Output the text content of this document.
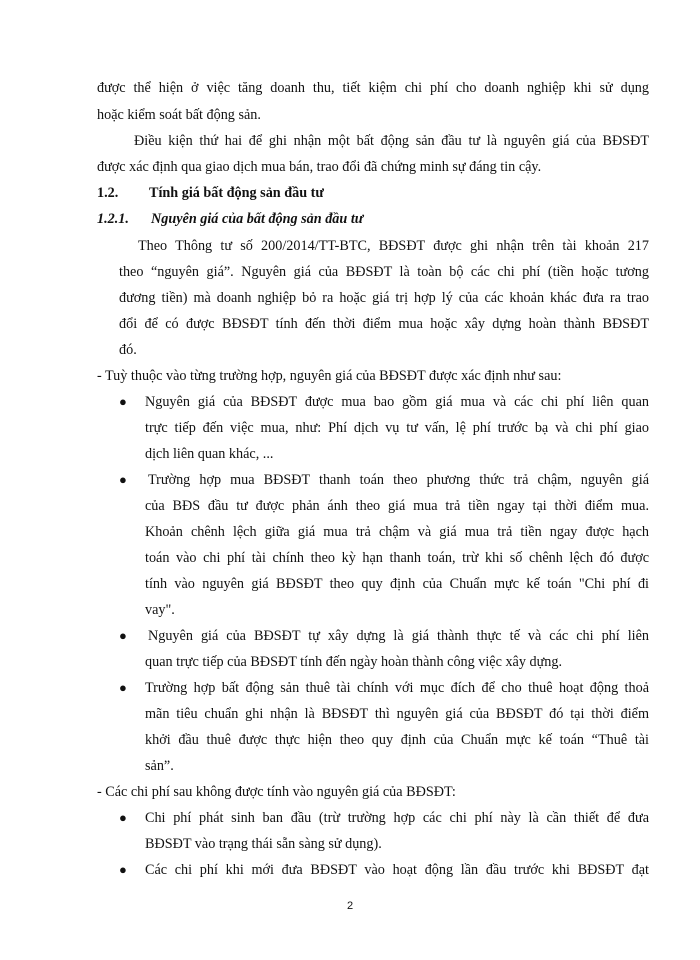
được thể hiện ở việc tăng doanh thu, tiết kiệm chi phí cho doanh nghiệp khi sử dụng
hoặc kiểm soát bất động sản.
Điều kiện thứ hai để ghi nhận một bất động sản đầu tư là nguyên giá của BĐSĐT
được xác định qua giao dịch mua bán, trao đổi đã chứng minh sự đáng tin cậy.
1.2. Tính giá bất động sản đầu tư
1.2.1. Nguyên giá của bất động sản đầu tư
Theo Thông tư số 200/2014/TT-BTC, BĐSĐT được ghi nhận trên tài khoản 217
theo “nguyên giá”. Nguyên giá của BĐSĐT là toàn bộ các chi phí (tiền hoặc tương
đương tiền) mà doanh nghiệp bỏ ra hoặc giá trị hợp lý của các khoản khác đưa ra trao
đổi để có được BĐSĐT tính đến thời điểm mua hoặc xây dựng hoàn thành BĐSĐT
đó.
- Tuỳ thuộc vào từng trường hợp, nguyên giá của BĐSĐT được xác định như sau:
● Nguyên giá của BĐSĐT được mua bao gồm giá mua và các chi phí liên quan
trực tiếp đến việc mua, như: Phí dịch vụ tư vấn, lệ phí trước bạ và chi phí giao
dịch liên quan khác, ...
● Trường hợp mua BĐSĐT thanh toán theo phương thức trả chậm, nguyên giá
của BĐS đầu tư được phản ánh theo giá mua trả tiền ngay tại thời điểm mua.
Khoản chênh lệch giữa giá mua trả chậm và giá mua trả tiền ngay được hạch
toán vào chi phí tài chính theo kỳ hạn thanh toán, trừ khi số chênh lệch đó được
tính vào nguyên giá BĐSĐT theo quy định của Chuẩn mực kế toán "Chi phí đi
vay".
● Nguyên giá của BĐSĐT tự xây dựng là giá thành thực tế và các chi phí liên
quan trực tiếp của BĐSĐT tính đến ngày hoàn thành công việc xây dựng.
● Trường hợp bất động sản thuê tài chính với mục đích để cho thuê hoạt động thoả
mãn tiêu chuẩn ghi nhận là BĐSĐT thì nguyên giá của BĐSĐT đó tại thời điểm
khởi đầu thuê được thực hiện theo quy định của Chuẩn mực kế toán “Thuê tài
sản”.
- Các chi phí sau không được tính vào nguyên giá của BĐSĐT:
● Chi phí phát sinh ban đầu (trừ trường hợp các chi phí này là cần thiết để đưa
BĐSĐT vào trạng thái sẵn sàng sử dụng).
● Các chi phí khi mới đưa BĐSĐT vào hoạt động lần đầu trước khi BĐSĐT đạt
2
